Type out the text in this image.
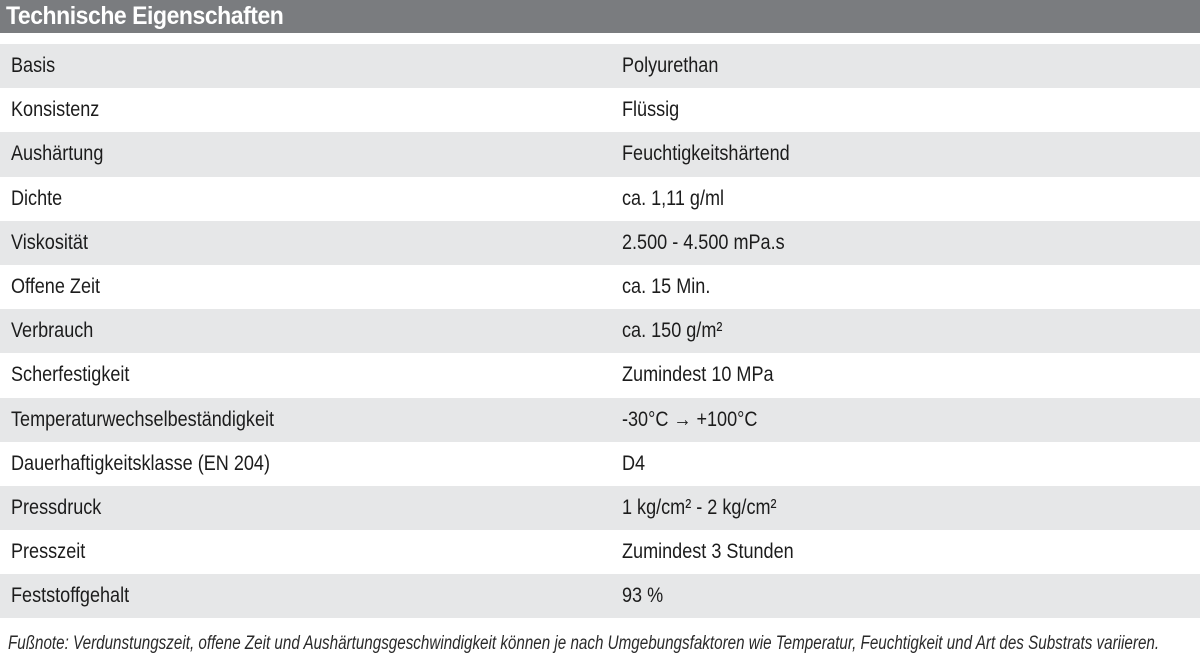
Technische Eigenschaften
Basis	Polyurethan
Konsistenz	Flüssig
Aushärtung	Feuchtigkeitshärtend
Dichte	ca. 1,11 g/ml
Viskosität	2.500 - 4.500 mPa.s
Offene Zeit	ca. 15 Min.
Verbrauch	ca. 150 g/m²
Scherfestigkeit	Zumindest 10 MPa
Temperaturwechselbeständigkeit	-30°C → +100°C
Dauerhaftigkeitsklasse (EN 204)	D4
Pressdruck	1 kg/cm² - 2 kg/cm²
Presszeit	Zumindest 3 Stunden
Feststoffgehalt	93 %
Fußnote: Verdunstungszeit, offene Zeit und Aushärtungsgeschwindigkeit können je nach Umgebungsfaktoren wie Temperatur, Feuchtigkeit und Art des Substrats variieren.
